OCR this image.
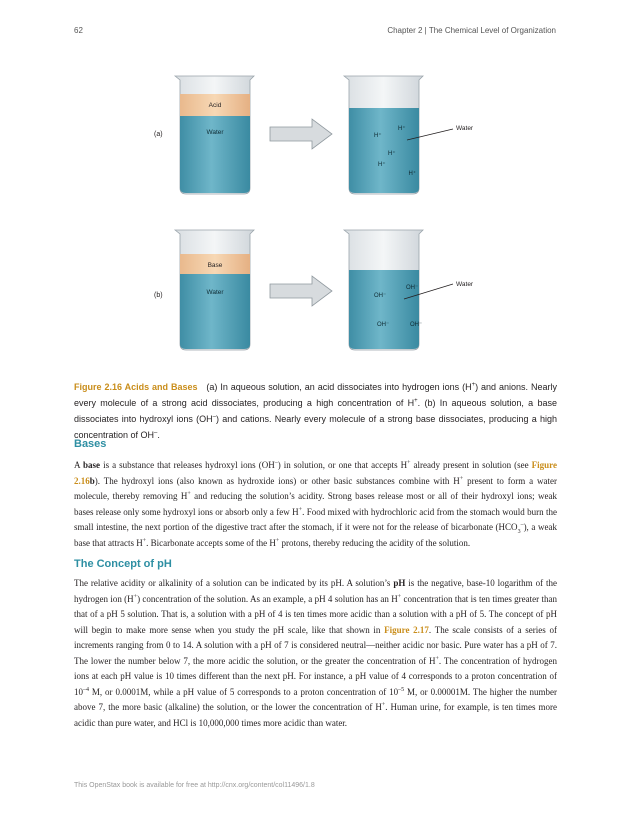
62	Chapter 2 | The Chemical Level of Organization
(a)
Acid
Water	H⁺
H⁺
H⁺
H⁺
H⁺
Water
(b)
Base
Water	OH⁻
OH⁻
OH⁻	OH⁻
Water

Figure 2.16 Acids and Bases (a) In aqueous solution, an acid dissociates into hydrogen ions (H+) and anions. Nearly every molecule of a strong acid dissociates, producing a high concentration of H+. (b) In aqueous solution, a base dissociates into hydroxyl ions (OH–) and cations. Nearly every molecule of a strong base dissociates, producing a high concentration of OH–.

Bases

A base is a substance that releases hydroxyl ions (OH–) in solution, or one that accepts H+ already present in solution (see Figure 2.16b). The hydroxyl ions (also known as hydroxide ions) or other basic substances combine with H+ present to form a water molecule, thereby removing H+ and reducing the solution’s acidity. Strong bases release most or all of their hydroxyl ions; weak bases release only some hydroxyl ions or absorb only a few H+. Food mixed with hydrochloric acid from the stomach would burn the small intestine, the next portion of the digestive tract after the stomach, if it were not for the release of bicarbonate $(HCO_3^-)$, a weak base that attracts H+. Bicarbonate accepts some of the H+ protons, thereby reducing the acidity of the solution.

The Concept of pH

The relative acidity or alkalinity of a solution can be indicated by its pH. A solution’s pH is the negative, base-10 logarithm of the hydrogen ion (H+) concentration of the solution. As an example, a pH 4 solution has an H+ concentration that is ten times greater than that of a pH 5 solution. That is, a solution with a pH of 4 is ten times more acidic than a solution with a pH of 5. The concept of pH will begin to make more sense when you study the pH scale, like that shown in Figure 2.17. The scale consists of a series of increments ranging from 0 to 14. A solution with a pH of 7 is considered neutral—neither acidic nor basic. Pure water has a pH of 7. The lower the number below 7, the more acidic the solution, or the greater the concentration of H+. The concentration of hydrogen ions at each pH value is 10 times different than the next pH. For instance, a pH value of 4 corresponds to a proton concentration of $10^{-4}$ M, or 0.0001M, while a pH value of 5 corresponds to a proton concentration of $10^{-5}$ M, or 0.00001M. The higher the number above 7, the more basic (alkaline) the solution, or the lower the concentration of H+. Human urine, for example, is ten times more acidic than pure water, and HCl is 10,000,000 times more acidic than water.

This OpenStax book is available for free at http://cnx.org/content/col11496/1.8
